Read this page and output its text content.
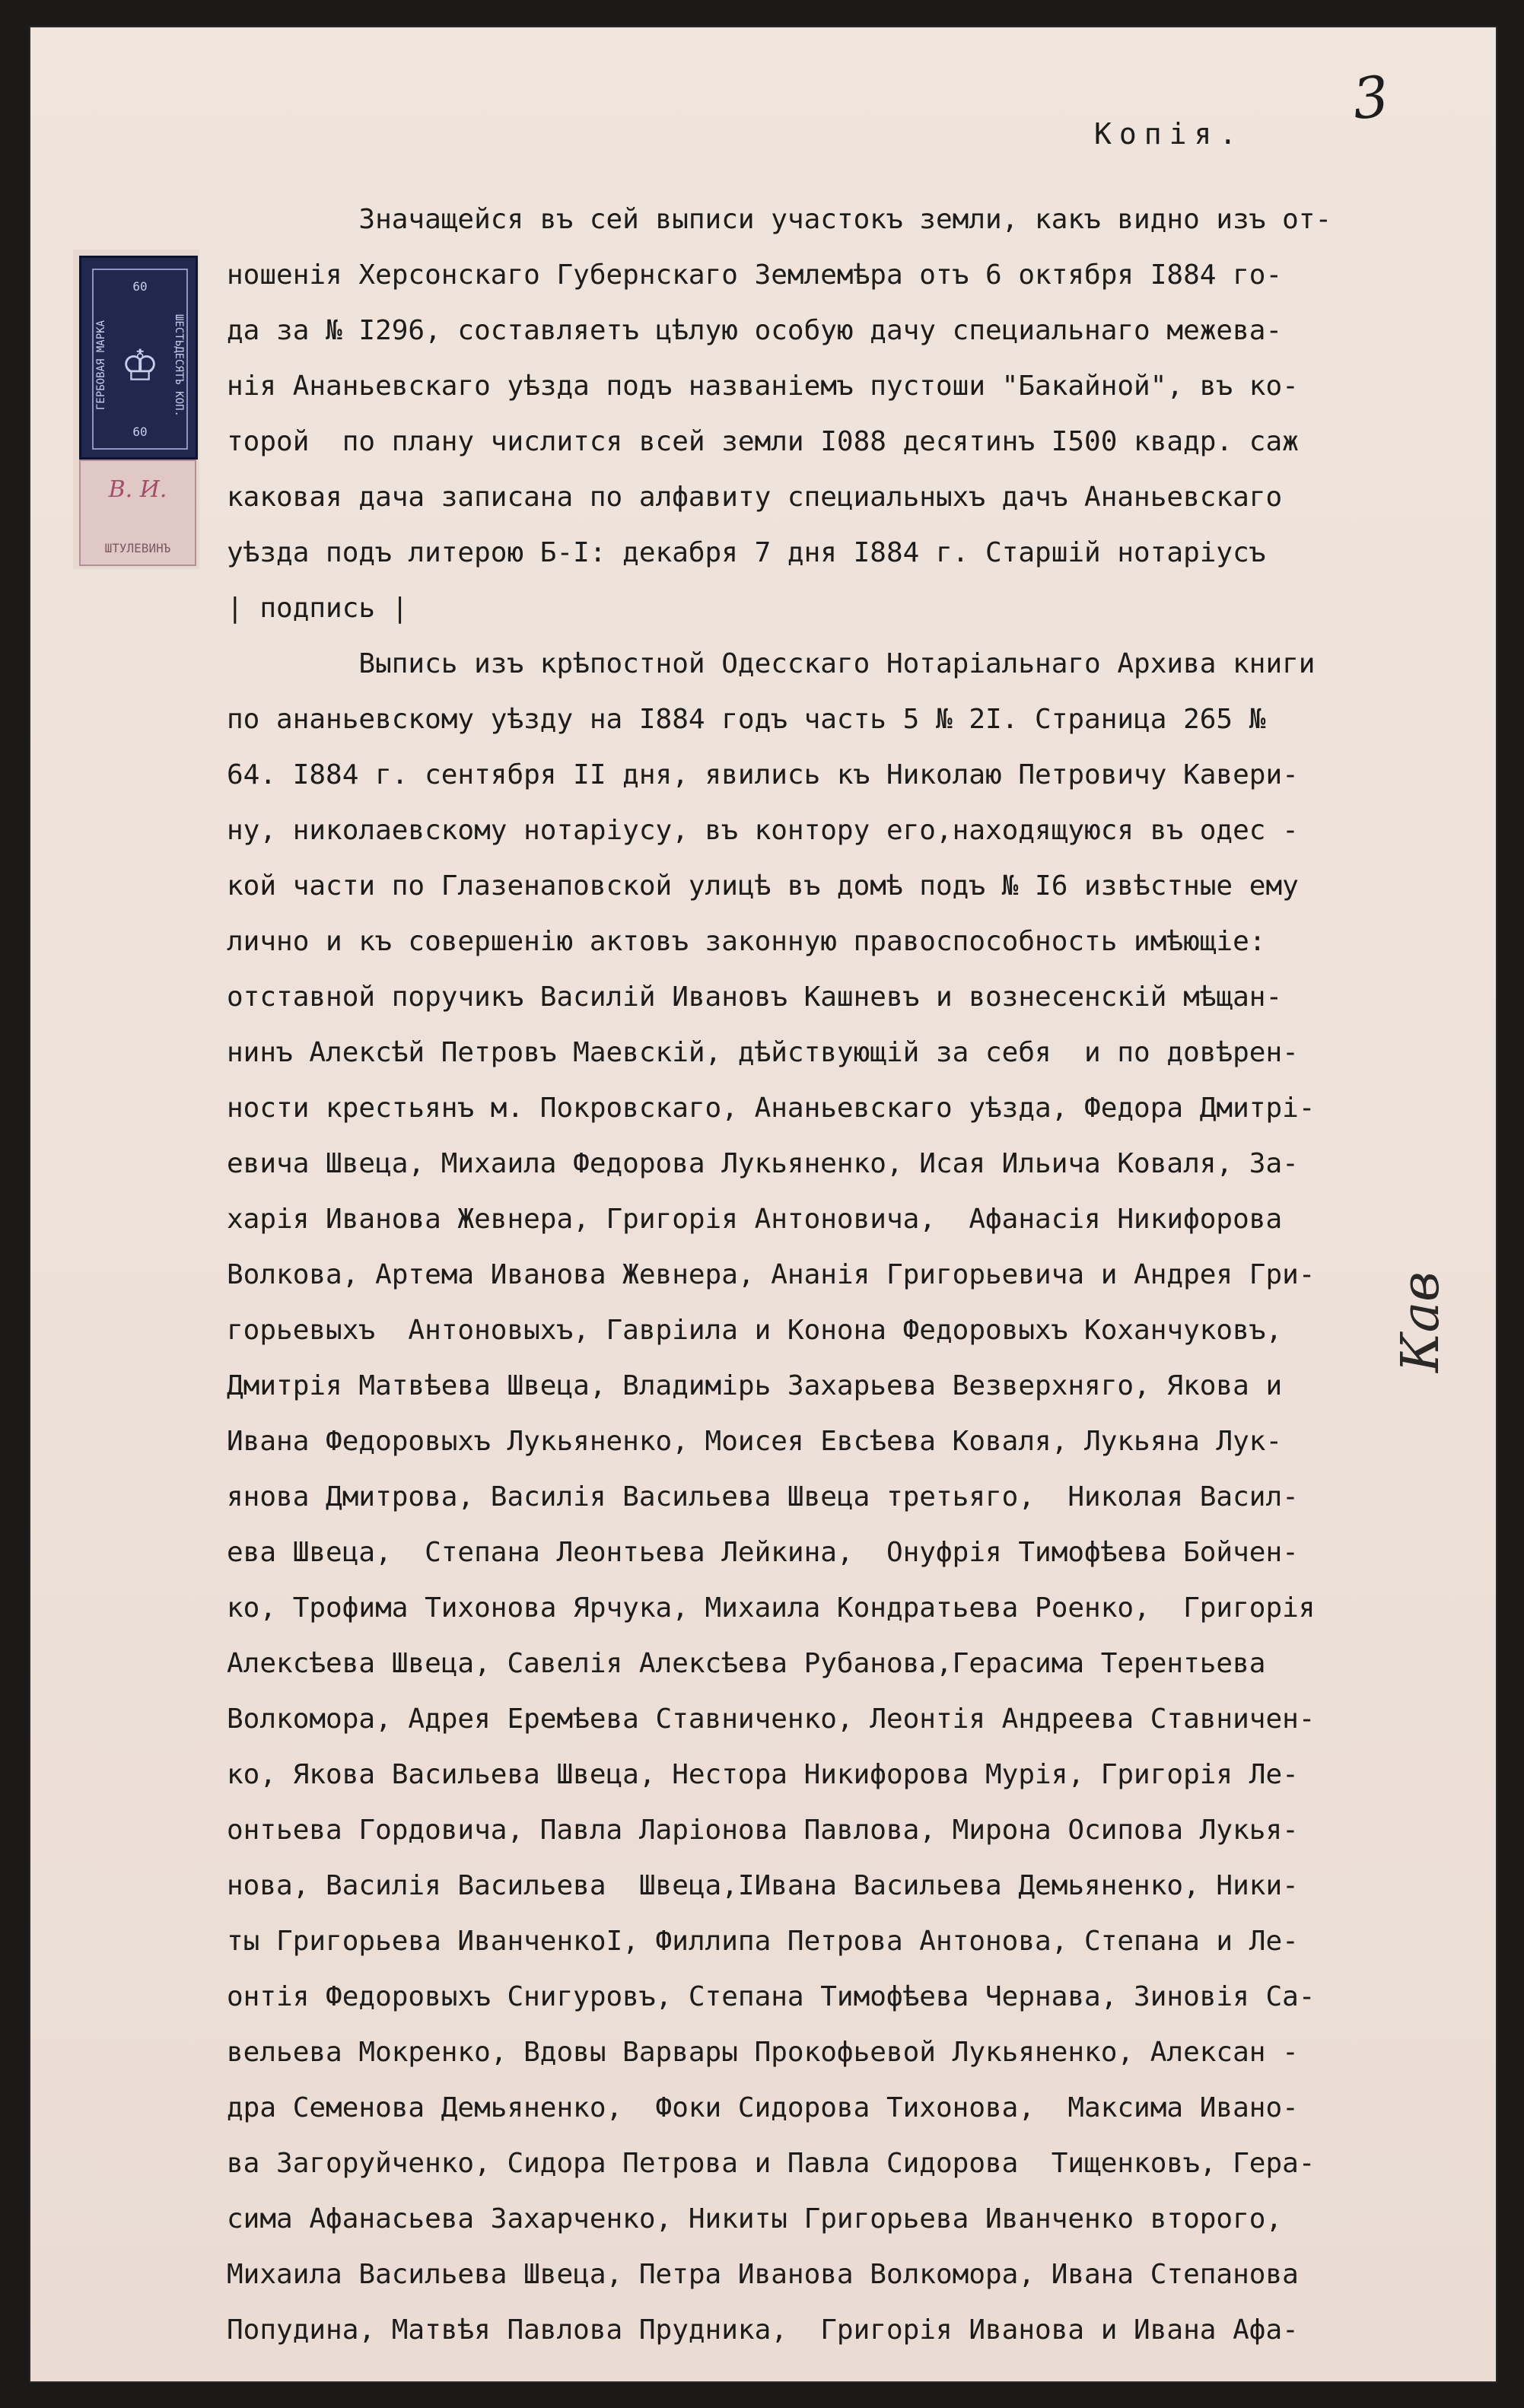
Копія.
3
ГЕРБОВАЯ МАРКА	ШЕСТЬДЕСЯТЪ КОП.
60
♔
60
В. И.
ШТУЛЕВИНЪ
Значащейся въ сей выписи участокъ земли, какъ видно изъ от-
ношенія Херсонскаго Губернскаго Землемѣра отъ 6 октября I884 го-
да за № I296, составляетъ цѣлую особую дачу специальнаго межева-
нія Ананьевскаго уѣзда подъ названіемъ пустоши "Бакайной", въ ко-
торой  по плану числится всей земли I088 десятинъ I500 квадр. саж
каковая дача записана по алфавиту специальныхъ дачъ Ананьевскаго
уѣзда подъ литерою Б-I: декабря 7 дня I884 г. Старшій нотаріусъ
| подпись |
Выпись изъ крѣпостной Одесскаго Нотаріальнаго Архива книги
по ананьевскому уѣзду на I884 годъ часть 5 № 2I. Страница 265 №
64. I884 г. сентября II дня, явились къ Николаю Петровичу Кавери-
ну, николаевскому нотаріусу, въ контору его,находящуюся въ одес -
кой части по Глазенаповской улицѣ въ домѣ подъ № I6 извѣстные ему
лично и къ совершенію актовъ законную правоспособность имѣющіе:
отставной поручикъ Василій Ивановъ Кашневъ и вознесенскій мѣщан-
нинъ Алексѣй Петровъ Маевскій, дѣйствующій за себя  и по довѣрен-
ности крестьянъ м. Покровскаго, Ананьевскаго уѣзда, Федора Дмитрі-
евича Швеца, Михаила Федорова Лукьяненко, Исая Ильича Коваля, За-
харія Иванова Жевнера, Григорія Антоновича,  Афанасія Никифорова
Волкова, Артема Иванова Жевнера, Ананія Григорьевича и Андрея Гри-
горьевыхъ  Антоновыхъ, Гавріила и Конона Федоровыхъ Коханчуковъ,
Дмитрія Матвѣева Швеца, Владимірь Захарьева Везверхняго, Якова и
Ивана Федоровыхъ Лукьяненко, Моисея Евсѣева Коваля, Лукьяна Лук-
янова Дмитрова, Василія Васильева Швеца третьяго,  Николая Васил-
ева Швеца,  Степана Леонтьева Лейкина,  Онуфрія Тимофѣева Бойчен-
ко, Трофима Тихонова Ярчука, Михаила Кондратьева Роенко,  Григорія
Алексѣева Швеца, Савелія Алексѣева Рубанова,Герасима Терентьева
Волкомора, Адрея Еремѣева Ставниченко, Леонтія Андреева Ставничен-
ко, Якова Васильева Швеца, Нестора Никифорова Мурія, Григорія Ле-
онтьева Гордовича, Павла Ларіонова Павлова, Мирона Осипова Лукья-
нова, Василія Васильева  Швеца,IИвана Васильева Демьяненко, Ники-
ты Григорьева ИванченкоI, Филлипа Петрова Антонова, Степана и Ле-
онтія Федоровыхъ Снигуровъ, Степана Тимофѣева Чернава, Зиновія Са-
вельева Мокренко, Вдовы Варвары Прокофьевой Лукьяненко, Алексан -
дра Семенова Демьяненко,  Фоки Сидорова Тихонова,  Максима Ивано-
ва Загоруйченко, Сидора Петрова и Павла Сидорова  Тищенковъ, Гера-
сима Афанасьева Захарченко, Никиты Григорьева Иванченко второго,
Михаила Васильева Швеца, Петра Иванова Волкомора, Ивана Степанова
Попудина, Матвѣя Павлова Прудника,  Григорія Иванова и Ивана Афа-
Кав
